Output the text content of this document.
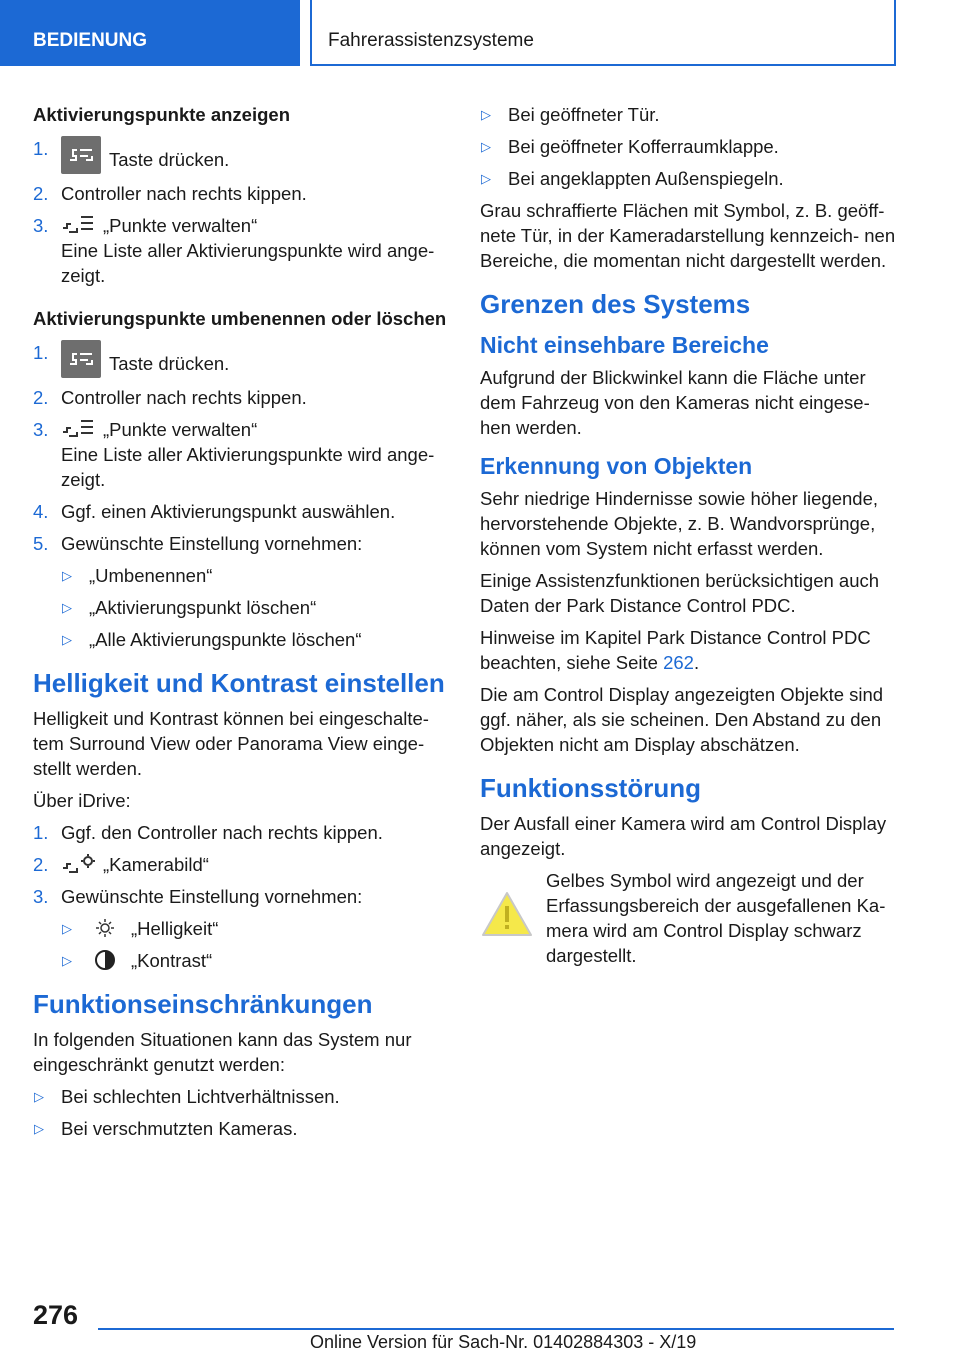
BEDIENUNG	Fahrerassistenzsysteme
Aktivierungspunkte anzeigen
1.
Taste drücken.
2. Controller nach rechts kippen.
3.	„Punkte verwalten“
Eine Liste aller Aktivierungspunkte wird ange- zeigt.
Aktivierungspunkte umbenennen oder löschen
1.
Taste drücken.
2. Controller nach rechts kippen.
3.	„Punkte verwalten“
Eine Liste aller Aktivierungspunkte wird ange- zeigt.
4. Ggf. einen Aktivierungspunkt auswählen.
5. Gewünschte Einstellung vornehmen:
▷ „Umbenennen“
▷ „Aktivierungspunkt löschen“
▷ „Alle Aktivierungspunkte löschen“
Helligkeit und Kontrast einstellen
Helligkeit und Kontrast können bei eingeschalte- tem Surround View oder Panorama View einge- stellt werden.
Über iDrive:
1. Ggf. den Controller nach rechts kippen.
2.	„Kamerabild“
3. Gewünschte Einstellung vornehmen:
▷	„Helligkeit“
▷	„Kontrast“
Funktionseinschränkungen
In folgenden Situationen kann das System nur eingeschränkt genutzt werden:
▷ Bei schlechten Lichtverhältnissen.
▷ Bei verschmutzten Kameras.
▷ Bei geöffneter Tür.
▷ Bei geöffneter Kofferraumklappe.
▷ Bei angeklappten Außenspiegeln.
Grau schraffierte Flächen mit Symbol, z. B. geöff- nete Tür, in der Kameradarstellung kennzeich- nen Bereiche, die momentan nicht dargestellt werden.
Grenzen des Systems
Nicht einsehbare Bereiche
Aufgrund der Blickwinkel kann die Fläche unter dem Fahrzeug von den Kameras nicht eingese- hen werden.
Erkennung von Objekten
Sehr niedrige Hindernisse sowie höher liegende, hervorstehende Objekte, z. B. Wandvorsprünge, können vom System nicht erfasst werden.
Einige Assistenzfunktionen berücksichtigen auch Daten der Park Distance Control PDC.
Hinweise im Kapitel Park Distance Control PDC beachten, siehe Seite 262.
Die am Control Display angezeigten Objekte sind ggf. näher, als sie scheinen. Den Abstand zu den Objekten nicht am Display abschätzen.
Funktionsstörung
Der Ausfall einer Kamera wird am Control Display angezeigt.
Gelbes Symbol wird angezeigt und der Erfassungsbereich der ausgefallenen Ka- mera wird am Control Display schwarz dargestellt.
276
Online Version für Sach-Nr. 01402884303 - X/19
